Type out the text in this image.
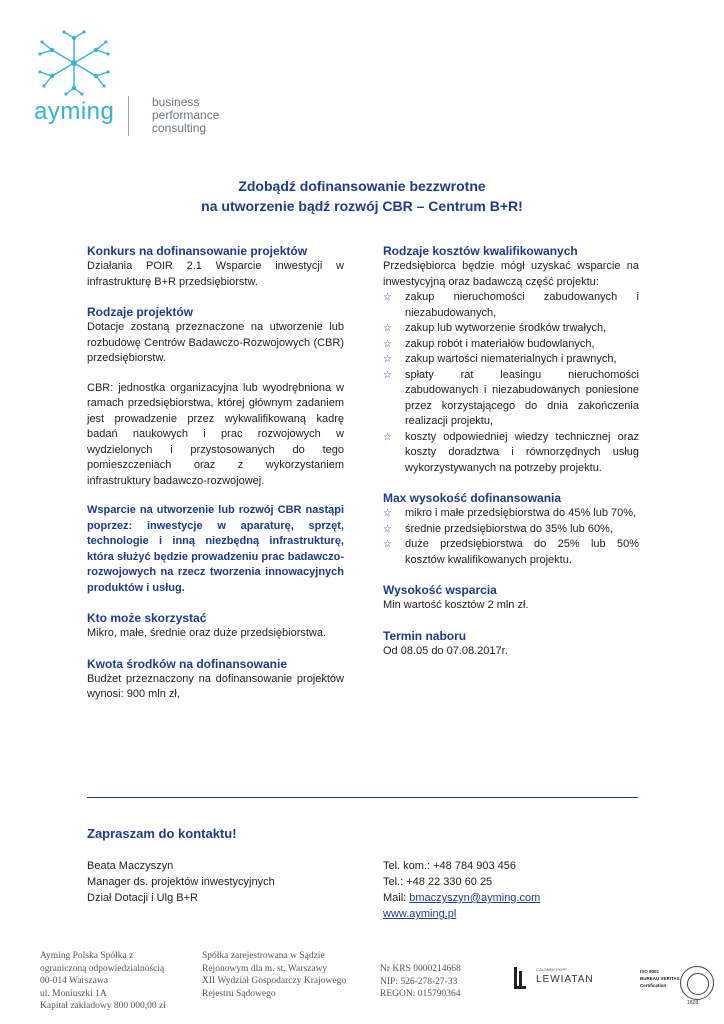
ayming	business
performance
consulting
Zdobądź dofinansowanie bezzwrotne
na utworzenie bądź rozwój CBR – Centrum B+R!

Konkurs na dofinansowanie projektów

Działania POIR 2.1 Wsparcie inwestycji w infrastrukturę B+R przedsiębiorstw.

Rodzaje projektów

Dotacje zostaną przeznaczone na utworzenie lub rozbudowę Centrów Badawczo-Rozwojowych (CBR) przedsiębiorstw.

CBR: jednostka organizacyjna lub wyodrębniona w ramach przedsiębiorstwa, której głównym zadaniem jest prowadzenie przez wykwalifikowaną kadrę badań naukowych i prac rozwojowych w wydzielonych i przystosowanych do tego pomieszczeniach oraz z wykorzystaniem infrastruktury badawczo-rozwojowej.

Wsparcie na utworzenie lub rozwój CBR nastąpi poprzez: inwestycje w aparaturę, sprzęt, technologie i inną niezbędną infrastrukturę, która służyć będzie prowadzeniu prac badawczo-rozwojowych na rzecz tworzenia innowacyjnych produktów i usług.

Kto może skorzystać

Mikro, małe, średnie oraz duże przedsiębiorstwa.

Kwota środków na dofinansowanie

Budżet przeznaczony na dofinansowanie projektów wynosi: 900 mln zł,

Rodzaje kosztów kwalifikowanych

Przedsiębiorca będzie mógł uzyskać wsparcie na inwestycyjną oraz badawczą część projektu:

☆ zakup nieruchomości zabudowanych i niezabudowanych,
☆ zakup lub wytworzenie środków trwałych,
☆ zakup robót i materiałów budowlanych,
☆ zakup wartości niematerialnych i prawnych,
☆ spłaty rat leasingu nieruchomości zabudowanych i niezabudowanych poniesione przez korzystającego do dnia zakończenia realizacji projektu,
☆ koszty odpowiedniej wiedzy technicznej oraz koszty doradztwa i równorzędnych usług wykorzystywanych na potrzeby projektu.

Max wysokość dofinansowania

☆ mikro i małe przedsiębiorstwa do 45% lub 70%,
☆ średnie przedsiębiorstwa do 35% lub 60%,
☆ duże przedsiębiorstwa do 25% lub 50% kosztów kwalifikowanych projektu.

Wysokość wsparcia

Min wartość kosztów 2 mln zł.

Termin naboru

Od 08.05 do 07.08.2017r.

Zapraszam do kontaktu!
Beata Maczyszyn
Manager ds. projektów inwestycyjnych
Dział Dotacji i Ulg B+R
Tel. kom.: +48 784 903 456
Tel.: +48 22 330 60 25
Mail: bmaczyszyn@ayming.com
www.ayming.pl
Ayming Polska Spółka z
ograniczoną odpowiedzialnością
00-014 Warszawa
ul. Moniuszki 1A
Kapitał zakładowy 800 000,00 zł
Spółka zarejestrowana w Sądzie
Rejonowym dla m. st. Warszawy
XII Wydział Gospodarczy Krajowego
Rejestru Sądowego
Nr KRS 0000214668
NIP: 526-278-27-33
REGON: 015790364
CZŁONEK PKPP
LEWIATAN
ISO 9001
BUREAU VERITAS
Certification
1828
